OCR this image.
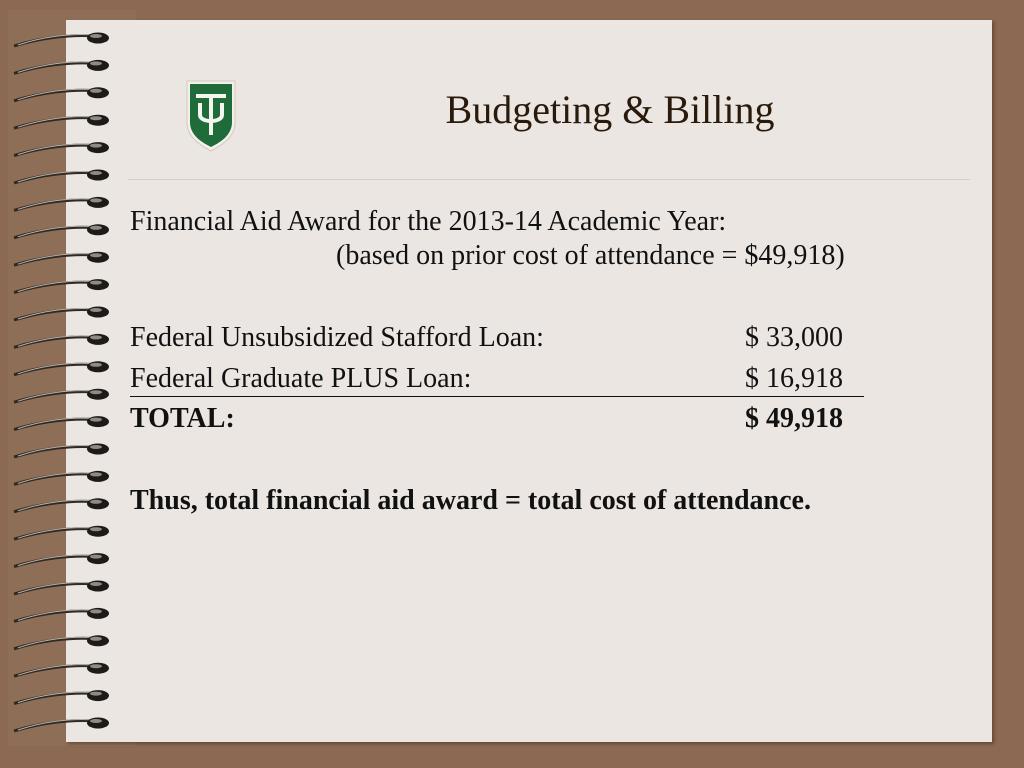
Budgeting & Billing
Financial Aid Award for the 2013-14 Academic Year:
(based on prior cost of attendance = $49,918)
Federal Unsubsidized Stafford Loan:	$ 33,000
Federal Graduate PLUS Loan:	$ 16,918
TOTAL:	$ 49,918
Thus, total financial aid award = total cost of attendance.
